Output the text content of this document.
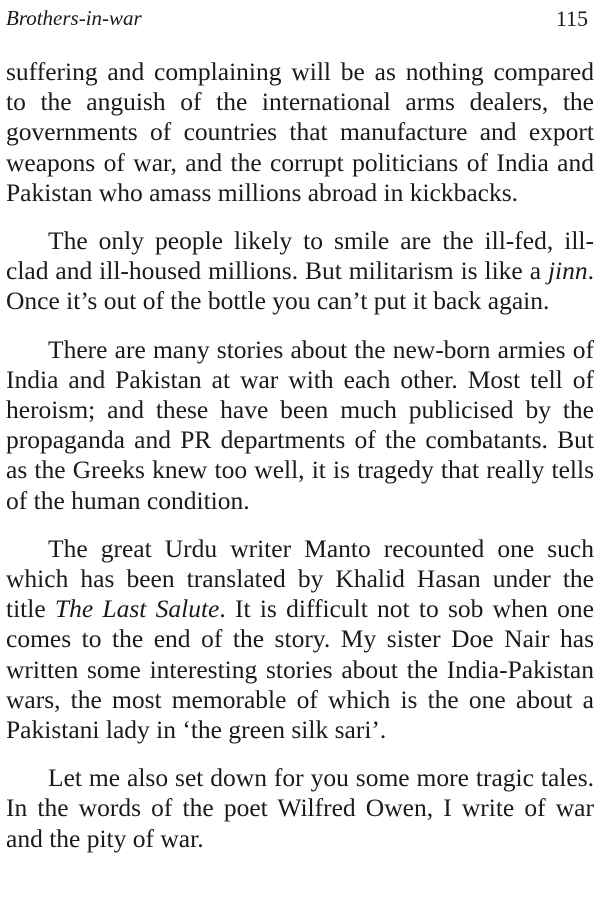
Brothers-in-war	115

suffering and complaining will be as nothing compared to the anguish of the international arms dealers, the governments of countries that manufacture and export weapons of war, and the corrupt politicians of India and Pakistan who amass millions abroad in kickbacks.

The only people likely to smile are the ill-fed, ill-clad and ill-housed millions. But militarism is like a jinn. Once it’s out of the bottle you can’t put it back again.

There are many stories about the new-born armies of India and Pakistan at war with each other. Most tell of heroism; and these have been much publicised by the propaganda and PR departments of the combatants. But as the Greeks knew too well, it is tragedy that really tells of the human condition.

The great Urdu writer Manto recounted one such which has been translated by Khalid Hasan under the title The Last Salute. It is difficult not to sob when one comes to the end of the story. My sister Doe Nair has written some interesting stories about the India-Pakistan wars, the most memorable of which is the one about a Pakistani lady in ‘the green silk sari’.

Let me also set down for you some more tragic tales. In the words of the poet Wilfred Owen, I write of war and the pity of war.
